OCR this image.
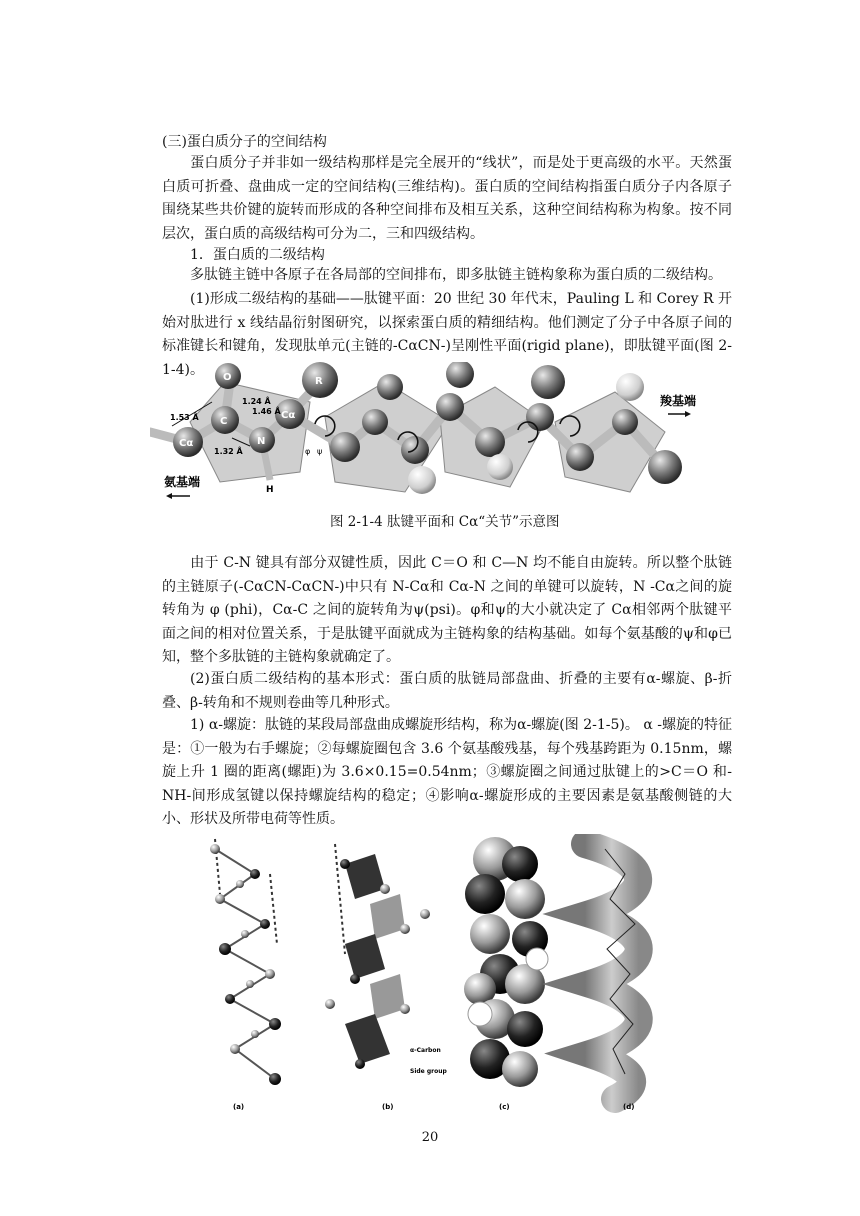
(三)蛋白质分子的空间结构

蛋白质分子并非如一级结构那样是完全展开的“线状”，而是处于更高级的水平。天然蛋白质可折叠、盘曲成一定的空间结构(三维结构)。蛋白质的空间结构指蛋白质分子内各原子围绕某些共价键的旋转而形成的各种空间排布及相互关系，这种空间结构称为构象。按不同层次，蛋白质的高级结构可分为二，三和四级结构。

1．蛋白质的二级结构

多肽链主链中各原子在各局部的空间排布，即多肽链主链构象称为蛋白质的二级结构。

(1)形成二级结构的基础——肽键平面：20 世纪 30 年代末，Pauling L 和 Corey R 开始对肽进行 x 线结晶衍射图研究，以探索蛋白质的精细结构。他们测定了分子中各原子间的标准键长和键角，发现肽单元(主链的-CαCN-)呈刚性平面(rigid plane)，即肽键平面(图 2-1-4)。	O
C
N
Cα
Cα
R
H
1.53 Å
1.24 Å
1.46 Å
1.32 Å	φ ψ
氨基端
羧基端
图 2-1-4 肽键平面和 Cα“关节”示意图

由于 C-N 键具有部分双键性质，因此 C＝O 和 C—N 均不能自由旋转。所以整个肽链的主链原子(-CαCN-CαCN-)中只有 N-Cα和 Cα-N 之间的单键可以旋转，N -Cα之间的旋转角为 φ (phi)，Cα-C 之间的旋转角为ψ(psi)。φ和ψ的大小就决定了 Cα相邻两个肽键平面之间的相对位置关系，于是肽键平面就成为主链构象的结构基础。如每个氨基酸的ψ和φ已知，整个多肽链的主链构象就确定了。

(2)蛋白质二级结构的基本形式：蛋白质的肽链局部盘曲、折叠的主要有α-螺旋、β-折叠、β-转角和不规则卷曲等几种形式。

1) α-螺旋：肽链的某段局部盘曲成螺旋形结构，称为α-螺旋(图 2-1-5)。 α -螺旋的特征是：①一般为右手螺旋；②每螺旋圈包含 3.6 个氨基酸残基，每个残基跨距为 0.15nm，螺旋上升 1 圈的距离(螺距)为 3.6×0.15=0.54nm；③螺旋圈之间通过肽键上的>C＝O 和-NH-间形成氢键以保持螺旋结构的稳定；④影响α-螺旋形成的主要因素是氨基酸侧链的大小、形状及所带电荷等性质。

(a)
α-Carbon
Side group
(b)	(c)	(d)
20
